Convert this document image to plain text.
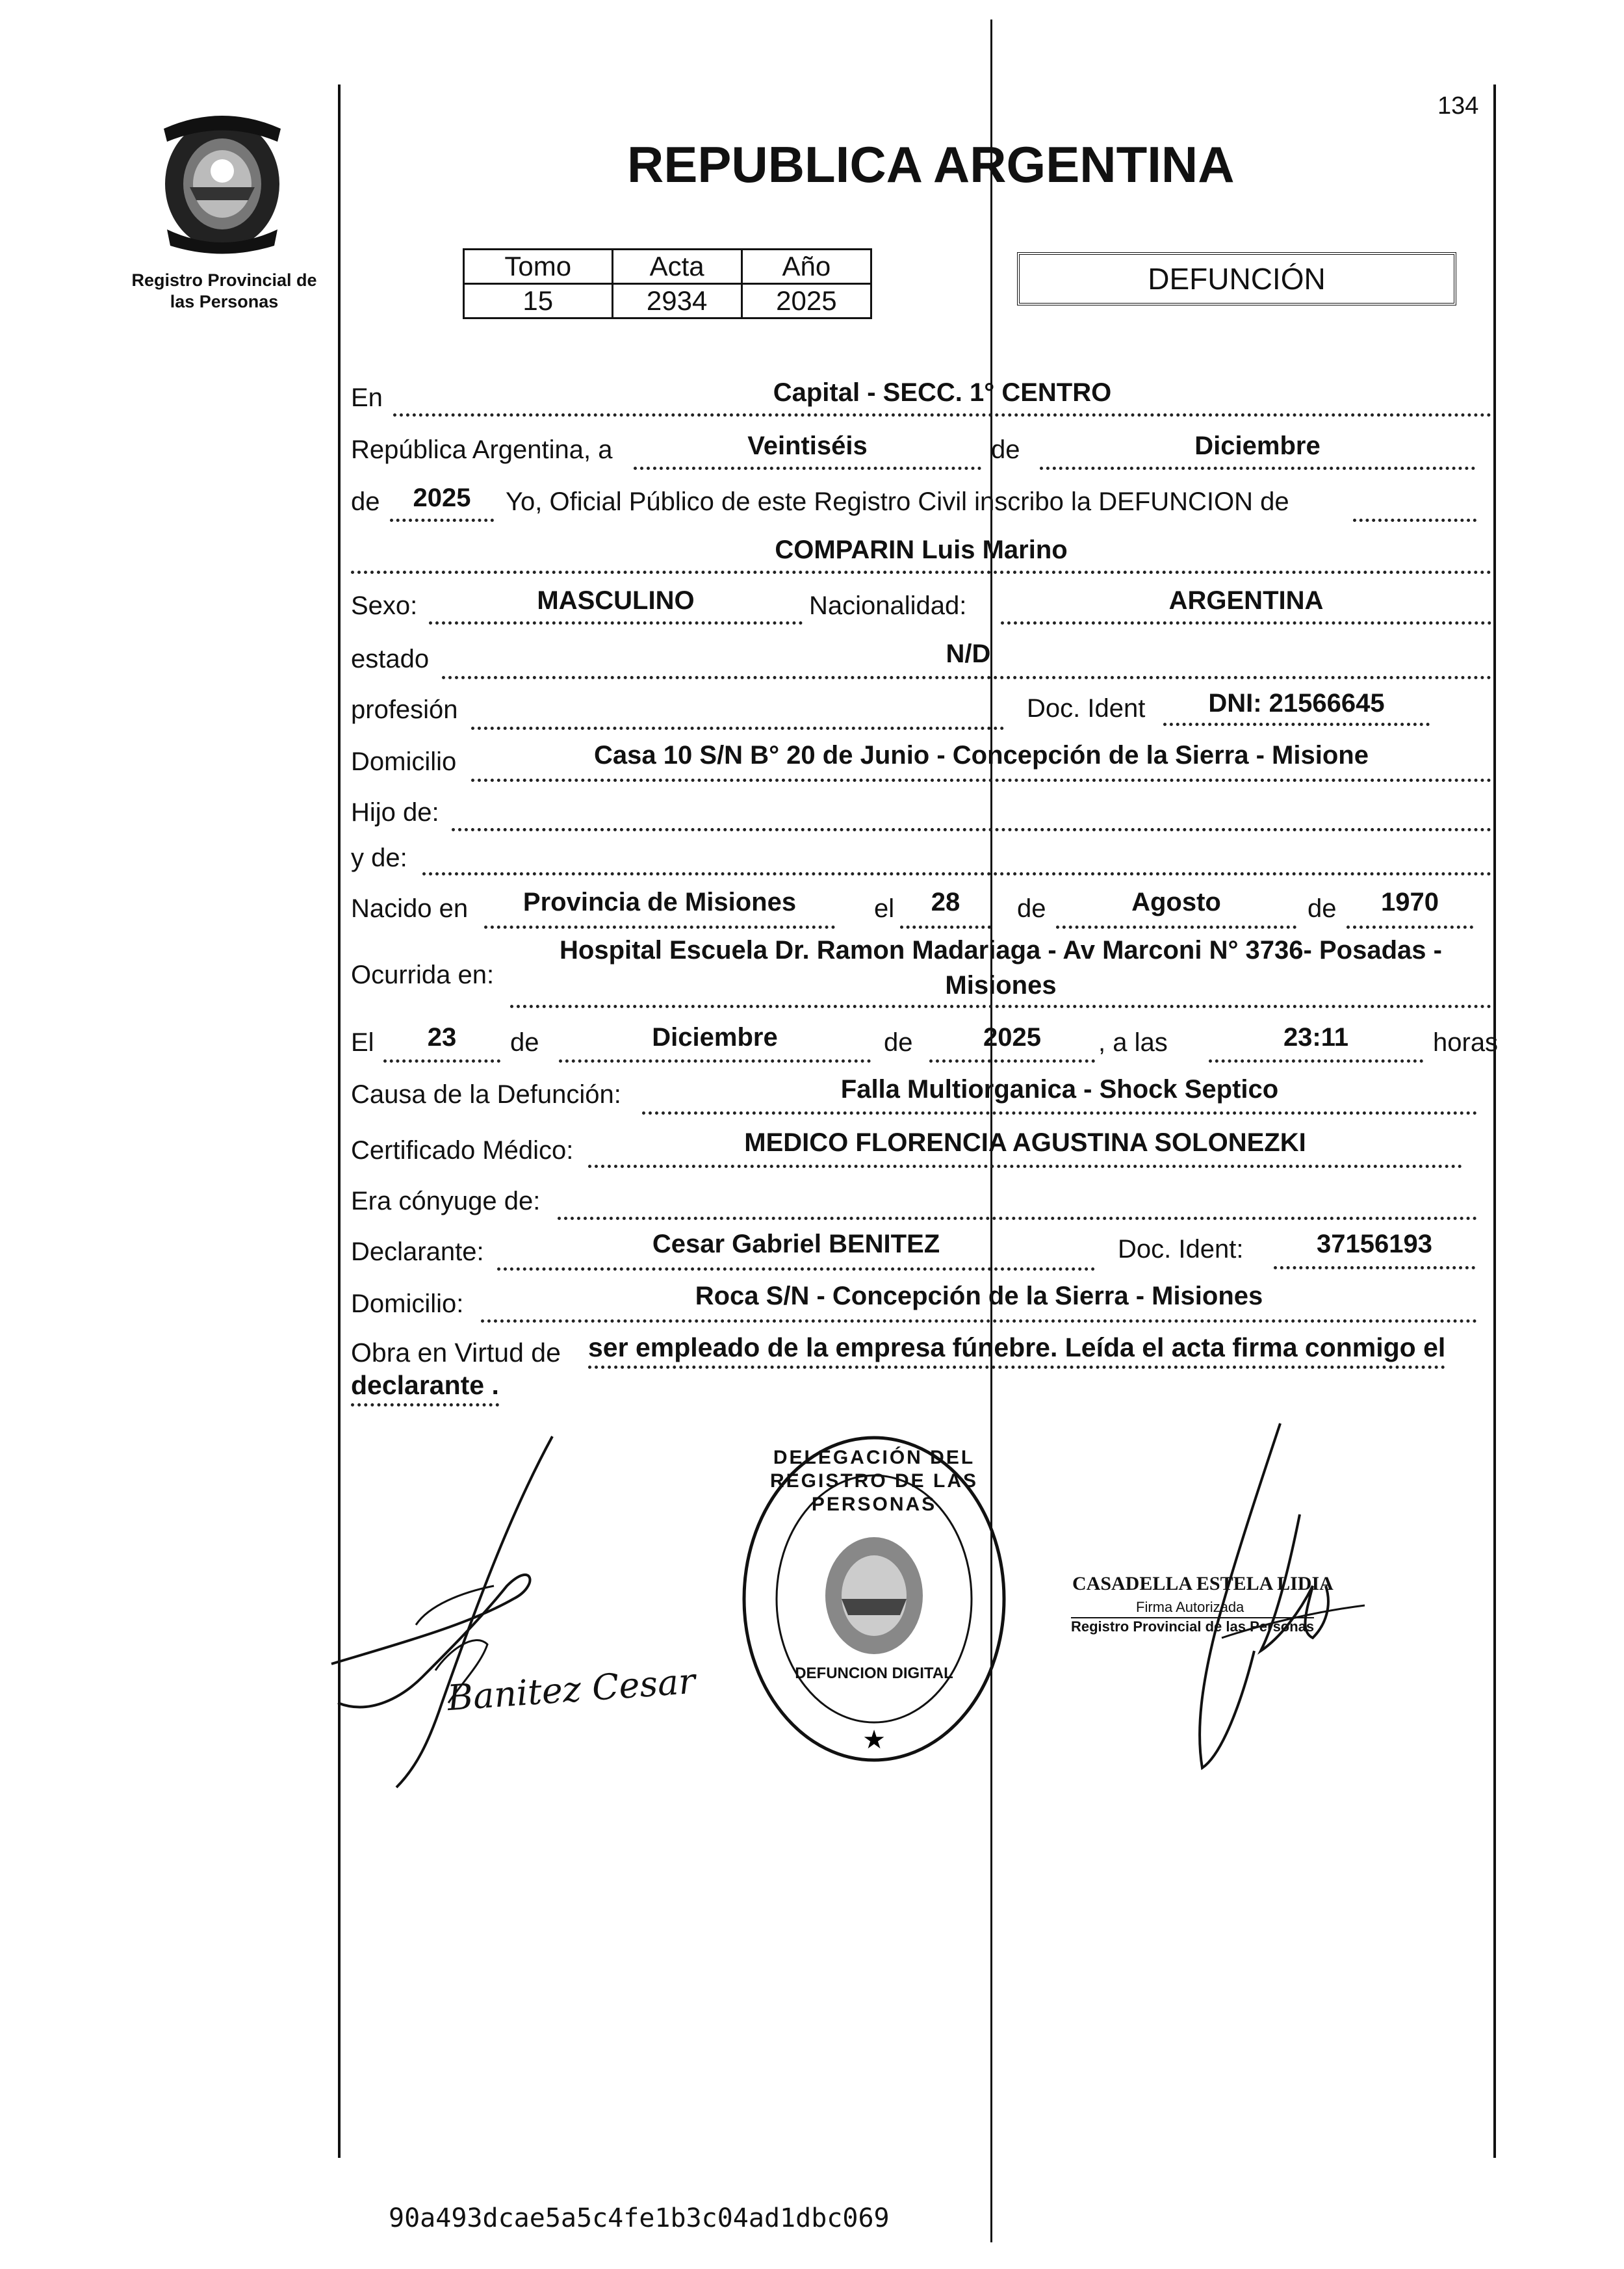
Registro Provincial de
las Personas
134
REPUBLICA ARGENTINA
Tomo	Acta	Año
15	2934	2025
DEFUNCIÓN
En	Capital - SECC. 1° CENTRO
República Argentina, a	Veintiséis	de	Diciembre
de	2025	Yo, Oficial Público de este Registro Civil inscribo la DEFUNCION de
COMPARIN Luis Marino
Sexo:	MASCULINO	Nacionalidad:	ARGENTINA
estado	N/D
profesión	Doc. Ident	DNI: 21566645
Domicilio	Casa 10 S/N B° 20 de Junio - Concepción de la Sierra - Misione
Hijo de:
y de:
Nacido en	Provincia de Misiones	el	28	de	Agosto	de	1970
Ocurrida en:
Hospital Escuela Dr. Ramon Madariaga - Av Marconi N° 3736- Posadas -
Misiones
El	23	de	Diciembre	de	2025	, a las	23:11	horas
Causa de la Defunción:	Falla Multiorganica - Shock Septico
Certificado Médico:	MEDICO FLORENCIA AGUSTINA SOLONEZKI
Era cónyuge de:
Declarante:	Cesar Gabriel BENITEZ	Doc. Ident:	37156193
Domicilio:	Roca S/N - Concepción de la Sierra - Misiones
Obra en Virtud de ser empleado de la empresa fúnebre. Leída el acta firma conmigo el
declarante .
Banitez Cesar
★
DELEGACIÓN DEL REGISTRO DE LAS PERSONAS
DEFUNCION DIGITAL
CASADELLA ESTELA LIDIA
Firma Autorizada
Registro Provincial de las Personas
90a493dcae5a5c4fe1b3c04ad1dbc069
